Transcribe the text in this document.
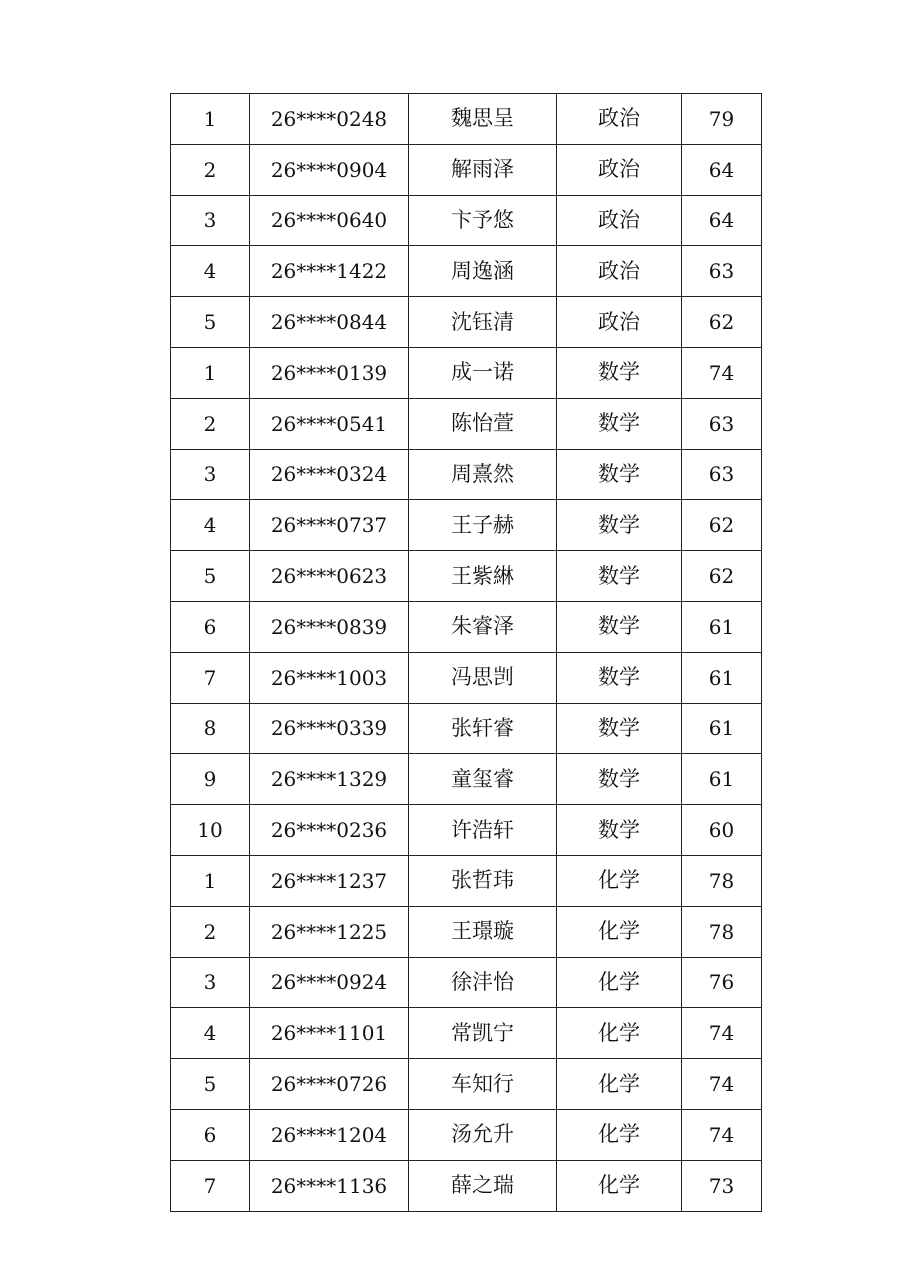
1	26****0248	魏思呈	政治	79
2	26****0904	解雨泽	政治	64
3	26****0640	卞予悠	政治	64
4	26****1422	周逸涵	政治	63
5	26****0844	沈钰清	政治	62
1	26****0139	成一诺	数学	74
2	26****0541	陈怡萱	数学	63
3	26****0324	周熹然	数学	63
4	26****0737	王子赫	数学	62
5	26****0623	王紫綝	数学	62
6	26****0839	朱睿泽	数学	61
7	26****1003	冯思剀	数学	61
8	26****0339	张轩睿	数学	61
9	26****1329	童玺睿	数学	61
10	26****0236	许浩轩	数学	60
1	26****1237	张哲玮	化学	78
2	26****1225	王璟璇	化学	78
3	26****0924	徐沣怡	化学	76
4	26****1101	常凯宁	化学	74
5	26****0726	车知行	化学	74
6	26****1204	汤允升	化学	74
7	26****1136	薛之瑞	化学	73
